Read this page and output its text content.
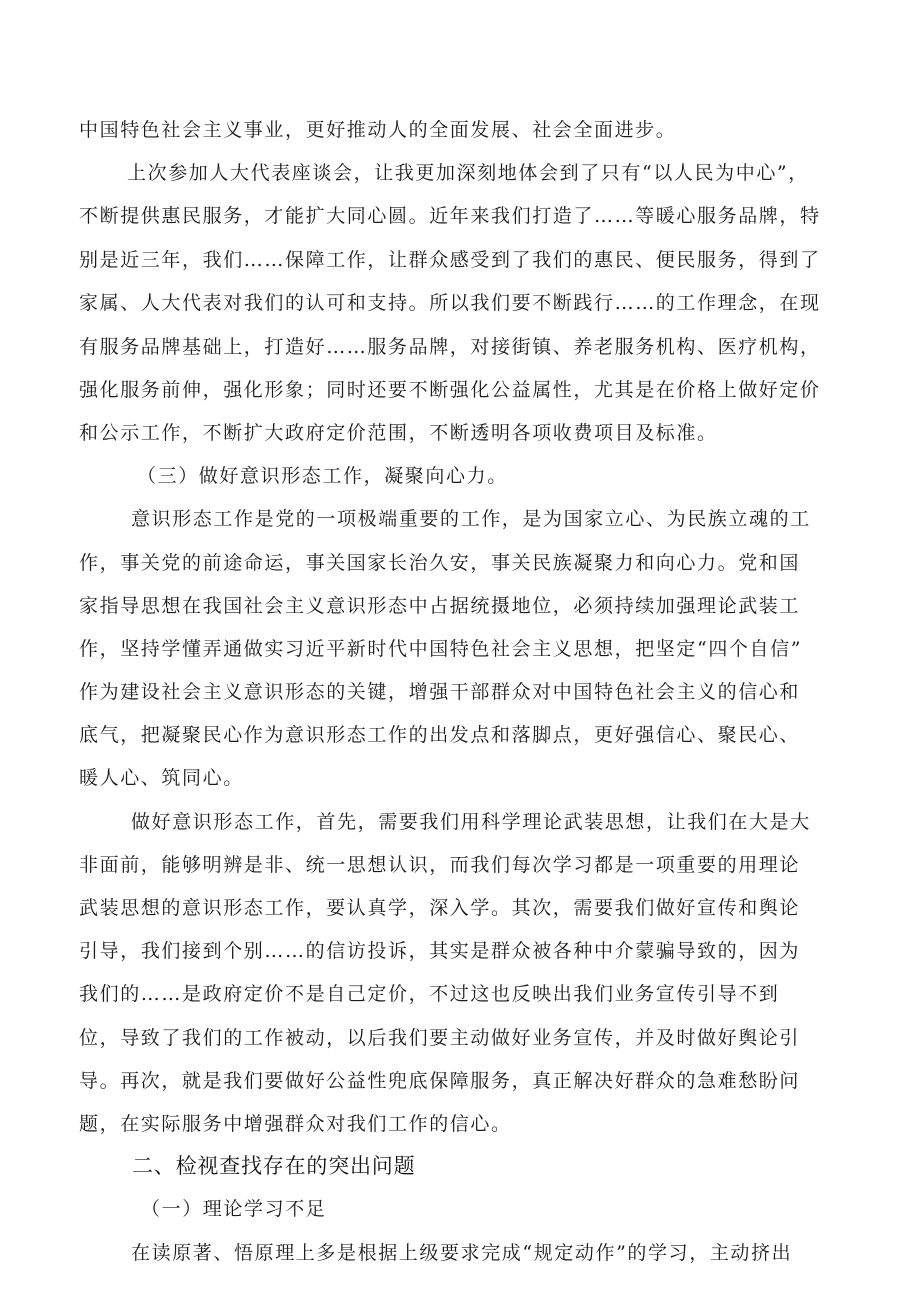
中国特色社会主义事业，更好推动人的全面发展、社会全面进步。
上次参加人大代表座谈会，让我更加深刻地体会到了只有“以人民为中心”，
不断提供惠民服务，才能扩大同心圆。近年来我们打造了……等暖心服务品牌，特
别是近三年，我们……保障工作，让群众感受到了我们的惠民、便民服务，得到了
家属、人大代表对我们的认可和支持。所以我们要不断践行……的工作理念，在现
有服务品牌基础上，打造好……服务品牌，对接街镇、养老服务机构、医疗机构，
强化服务前伸，强化形象；同时还要不断强化公益属性，尤其是在价格上做好定价
和公示工作，不断扩大政府定价范围，不断透明各项收费项目及标准。
（三）做好意识形态工作，凝聚向心力。
意识形态工作是党的一项极端重要的工作，是为国家立心、为民族立魂的工
作，事关党的前途命运，事关国家长治久安，事关民族凝聚力和向心力。党和国
家指导思想在我国社会主义意识形态中占据统摄地位，必须持续加强理论武装工
作，坚持学懂弄通做实习近平新时代中国特色社会主义思想，把坚定“四个自信”
作为建设社会主义意识形态的关键，增强干部群众对中国特色社会主义的信心和
底气，把凝聚民心作为意识形态工作的出发点和落脚点，更好强信心、聚民心、
暖人心、筑同心。
做好意识形态工作，首先，需要我们用科学理论武装思想，让我们在大是大
非面前，能够明辨是非、统一思想认识，而我们每次学习都是一项重要的用理论
武装思想的意识形态工作，要认真学，深入学。其次，需要我们做好宣传和舆论
引导，我们接到个别……的信访投诉，其实是群众被各种中介蒙骗导致的，因为
我们的……是政府定价不是自己定价，不过这也反映出我们业务宣传引导不到
位，导致了我们的工作被动，以后我们要主动做好业务宣传，并及时做好舆论引
导。再次，就是我们要做好公益性兜底保障服务，真正解决好群众的急难愁盼问
题，在实际服务中增强群众对我们工作的信心。
二、检视查找存在的突出问题
（一）理论学习不足
在读原著、悟原理上多是根据上级要求完成“规定动作”的学习，主动挤出
